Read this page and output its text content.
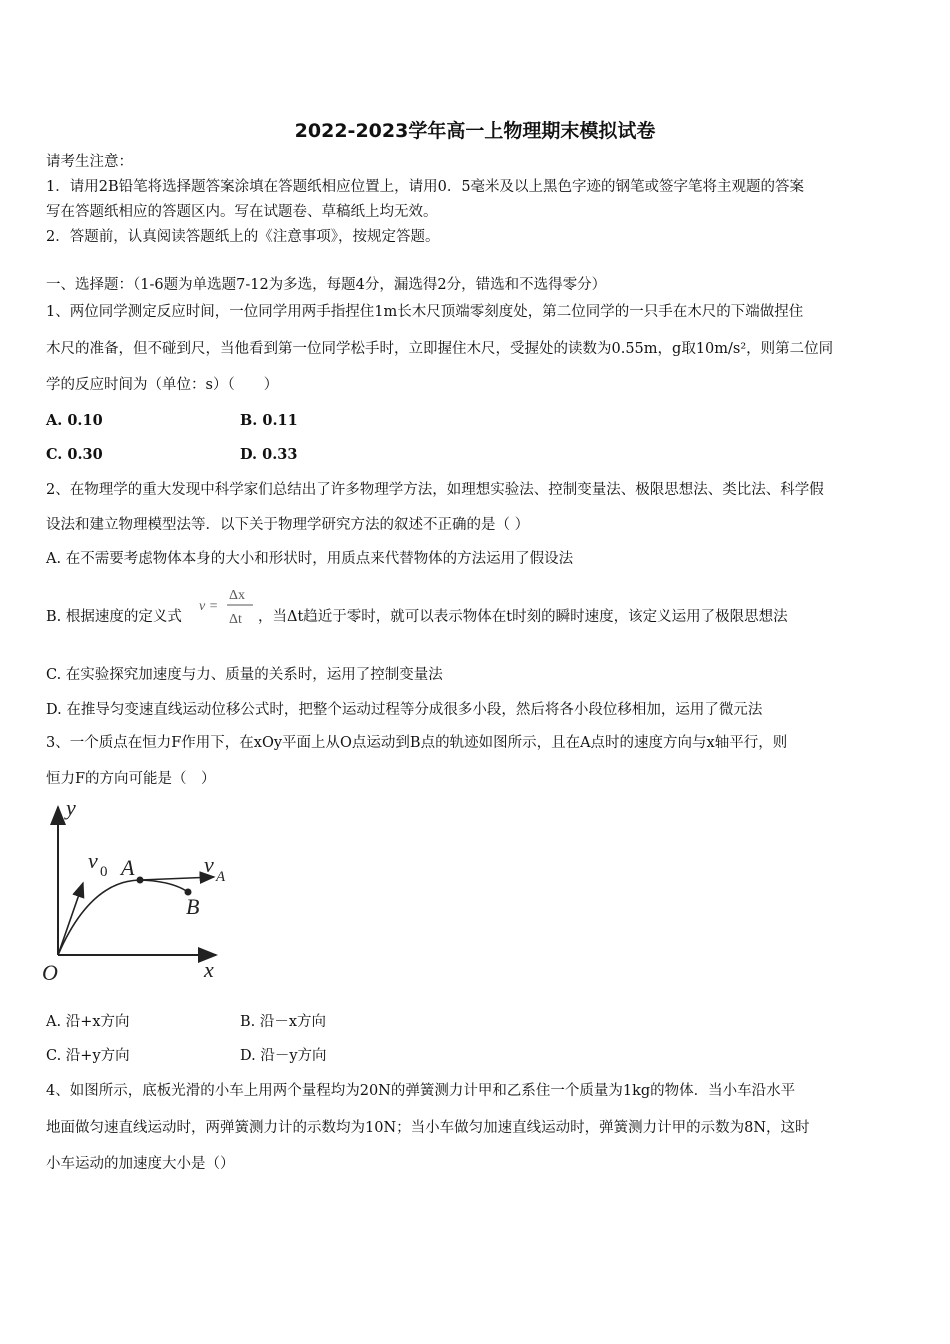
2022-2023学年高一上物理期末模拟试卷
请考生注意：
1．请用2B铅笔将选择题答案涂填在答题纸相应位置上，请用0．5毫米及以上黑色字迹的钢笔或签字笔将主观题的答案
写在答题纸相应的答题区内。写在试题卷、草稿纸上均无效。
2．答题前，认真阅读答题纸上的《注意事项》，按规定答题。
一、选择题：（1-6题为单选题7-12为多选，每题4分，漏选得2分，错选和不选得零分）
1、两位同学测定反应时间，一位同学用两手指捏住1m长木尺顶端零刻度处，第二位同学的一只手在木尺的下端做捏住
木尺的准备，但不碰到尺，当他看到第一位同学松手时，立即握住木尺，受握处的读数为0.55m，g取10m/s²，则第二位同
学的反应时间为（单位：s）（　　）
A. 0.10	B. 0.11
C. 0.30	D. 0.33
2、在物理学的重大发现中科学家们总结出了许多物理学方法，如理想实验法、控制变量法、极限思想法、类比法、科学假
设法和建立物理模型法等．以下关于物理学研究方法的叙述不正确的是（ ）
A. 在不需要考虑物体本身的大小和形状时，用质点来代替物体的方法运用了假设法
B. 根据速度的定义式
v =
Δx
Δt ，当Δt趋近于零时，就可以表示物体在t时刻的瞬时速度，该定义运用了极限思想法
C. 在实验探究加速度与力、质量的关系时，运用了控制变量法
D. 在推导匀变速直线运动位移公式时，把整个运动过程等分成很多小段，然后将各小段位移相加，运用了微元法
3、一个质点在恒力F作用下，在xOy平面上从O点运动到B点的轨迹如图所示，且在A点时的速度方向与x轴平行，则
恒力F的方向可能是（　）
y
x
O
v 0 A	v A
B
A. 沿+x方向	B. 沿－x方向
C. 沿+y方向	D. 沿－y方向
4、如图所示，底板光滑的小车上用两个量程均为20N的弹簧测力计甲和乙系住一个质量为1kg的物体．当小车沿水平
地面做匀速直线运动时，两弹簧测力计的示数均为10N；当小车做匀加速直线运动时，弹簧测力计甲的示数为8N，这时
小车运动的加速度大小是（）
